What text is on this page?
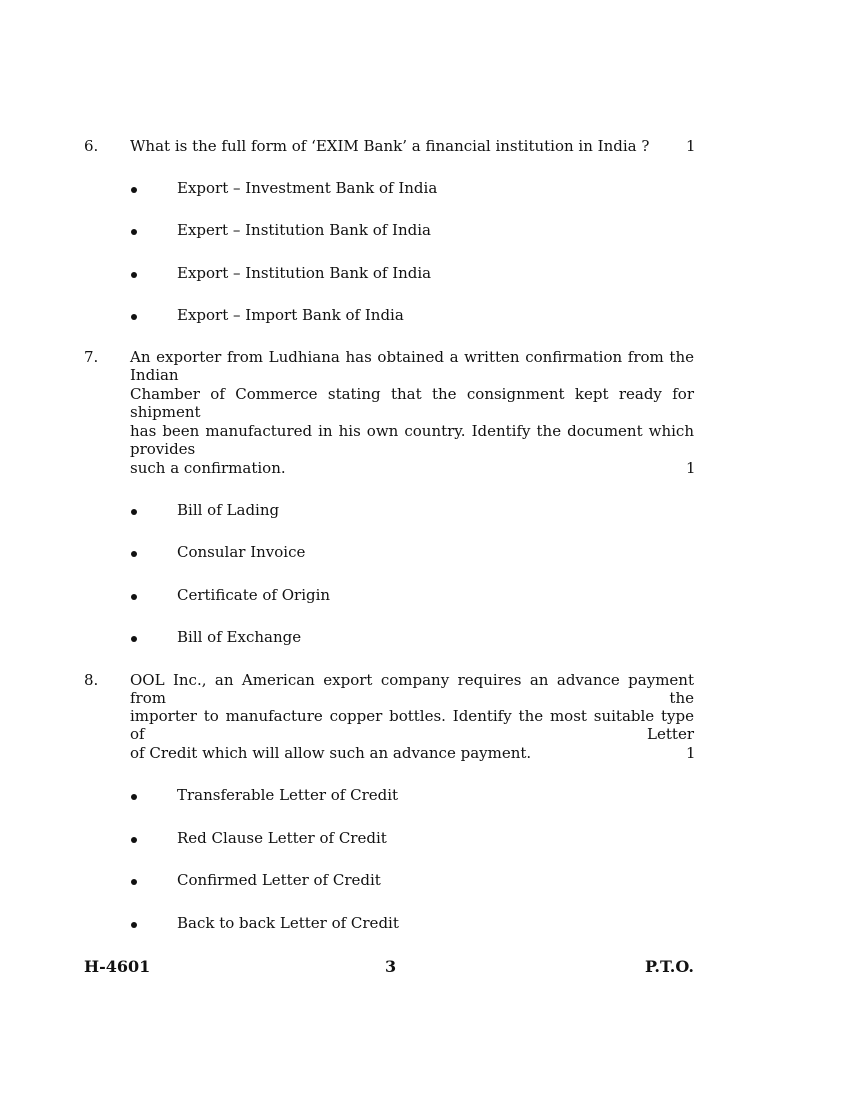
6. What is the full form of ‘EXIM Bank’ a financial institution in India ?	1
Export – Investment Bank of India
Expert – Institution Bank of India
Export – Institution Bank of India
Export – Import Bank of India
7. An exporter from Ludhiana has obtained a written confirmation from the Indian
Chamber of Commerce stating that the consignment kept ready for shipment
has been manufactured in his own country. Identify the document which provides
such a confirmation.	1
Bill of Lading
Consular Invoice
Certificate of Origin
Bill of Exchange
8. OOL Inc., an American export company requires an advance payment from the
importer to manufacture copper bottles. Identify the most suitable type of Letter
of Credit which will allow such an advance payment.	1
Transferable Letter of Credit
Red Clause Letter of Credit
Confirmed Letter of Credit
Back to back Letter of Credit
H-4601	3	P.T.O.
